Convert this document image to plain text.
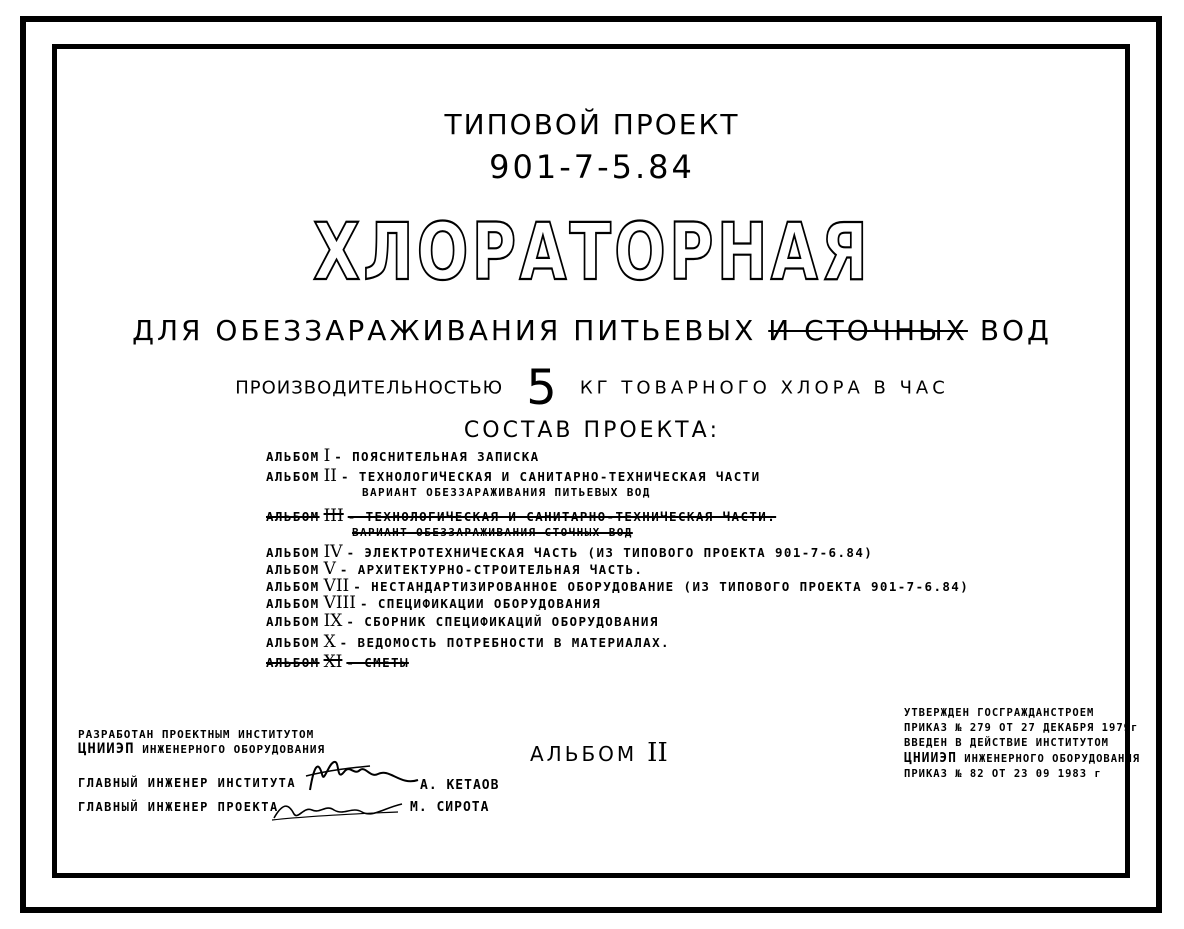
ТИПОВОЙ ПРОЕКТ
901-7-5.84
ХЛОРАТОРНАЯ
ДЛЯ ОБЕЗЗАРАЖИВАНИЯ ПИТЬЕВЫХ И СТОЧНЫХ ВОД
ПРОИЗВОДИТЕЛЬНОСТЬЮ 5 КГ ТОВАРНОГО ХЛОРА В ЧАС
СОСТАВ ПРОЕКТА:
АЛЬБОМ I - ПОЯСНИТЕЛЬНАЯ ЗАПИСКА
АЛЬБОМ II - ТЕХНОЛОГИЧЕСКАЯ И САНИТАРНО-ТЕХНИЧЕСКАЯ ЧАСТИ
ВАРИАНТ ОБЕЗЗАРАЖИВАНИЯ ПИТЬЕВЫХ ВОД
АЛЬБОМ III - ТЕХНОЛОГИЧЕСКАЯ И САНИТАРНО-ТЕХНИЧЕСКАЯ ЧАСТИ.
ВАРИАНТ ОБЕЗЗАРАЖИВАНИЯ СТОЧНЫХ ВОД
АЛЬБОМ IV - ЭЛЕКТРОТЕХНИЧЕСКАЯ ЧАСТЬ (ИЗ ТИПОВОГО ПРОЕКТА 901-7-6.84)
АЛЬБОМ V - АРХИТЕКТУРНО-СТРОИТЕЛЬНАЯ ЧАСТЬ.
АЛЬБОМ VII - НЕСТАНДАРТИЗИРОВАННОЕ ОБОРУДОВАНИЕ (ИЗ ТИПОВОГО ПРОЕКТА 901-7-6.84)
АЛЬБОМ VIII - СПЕЦИФИКАЦИИ ОБОРУДОВАНИЯ
АЛЬБОМ IX - СБОРНИК СПЕЦИФИКАЦИЙ ОБОРУДОВАНИЯ
АЛЬБОМ X - ВЕДОМОСТЬ ПОТРЕБНОСТИ В МАТЕРИАЛАХ.
АЛЬБОМ XI - СМЕТЫ
РАЗРАБОТАН ПРОЕКТНЫМ ИНСТИТУТОМ
ЦНИИЭП ИНЖЕНЕРНОГО ОБОРУДОВАНИЯ
ГЛАВНЫЙ ИНЖЕНЕР ИНСТИТУТА
ГЛАВНЫЙ ИНЖЕНЕР ПРОЕКТА
А. КЕТАОВ
М. СИРОТА
АЛЬБОМ II
УТВЕРЖДЕН ГОСГРАЖДАНСТРОЕМ
ПРИКАЗ № 279 ОТ 27 ДЕКАБРЯ 1979г
ВВЕДЕН В ДЕЙСТВИЕ ИНСТИТУТОМ
ЦНИИЭП ИНЖЕНЕРНОГО ОБОРУДОВАНИЯ
ПРИКАЗ № 82 ОТ 23 09 1983 г
